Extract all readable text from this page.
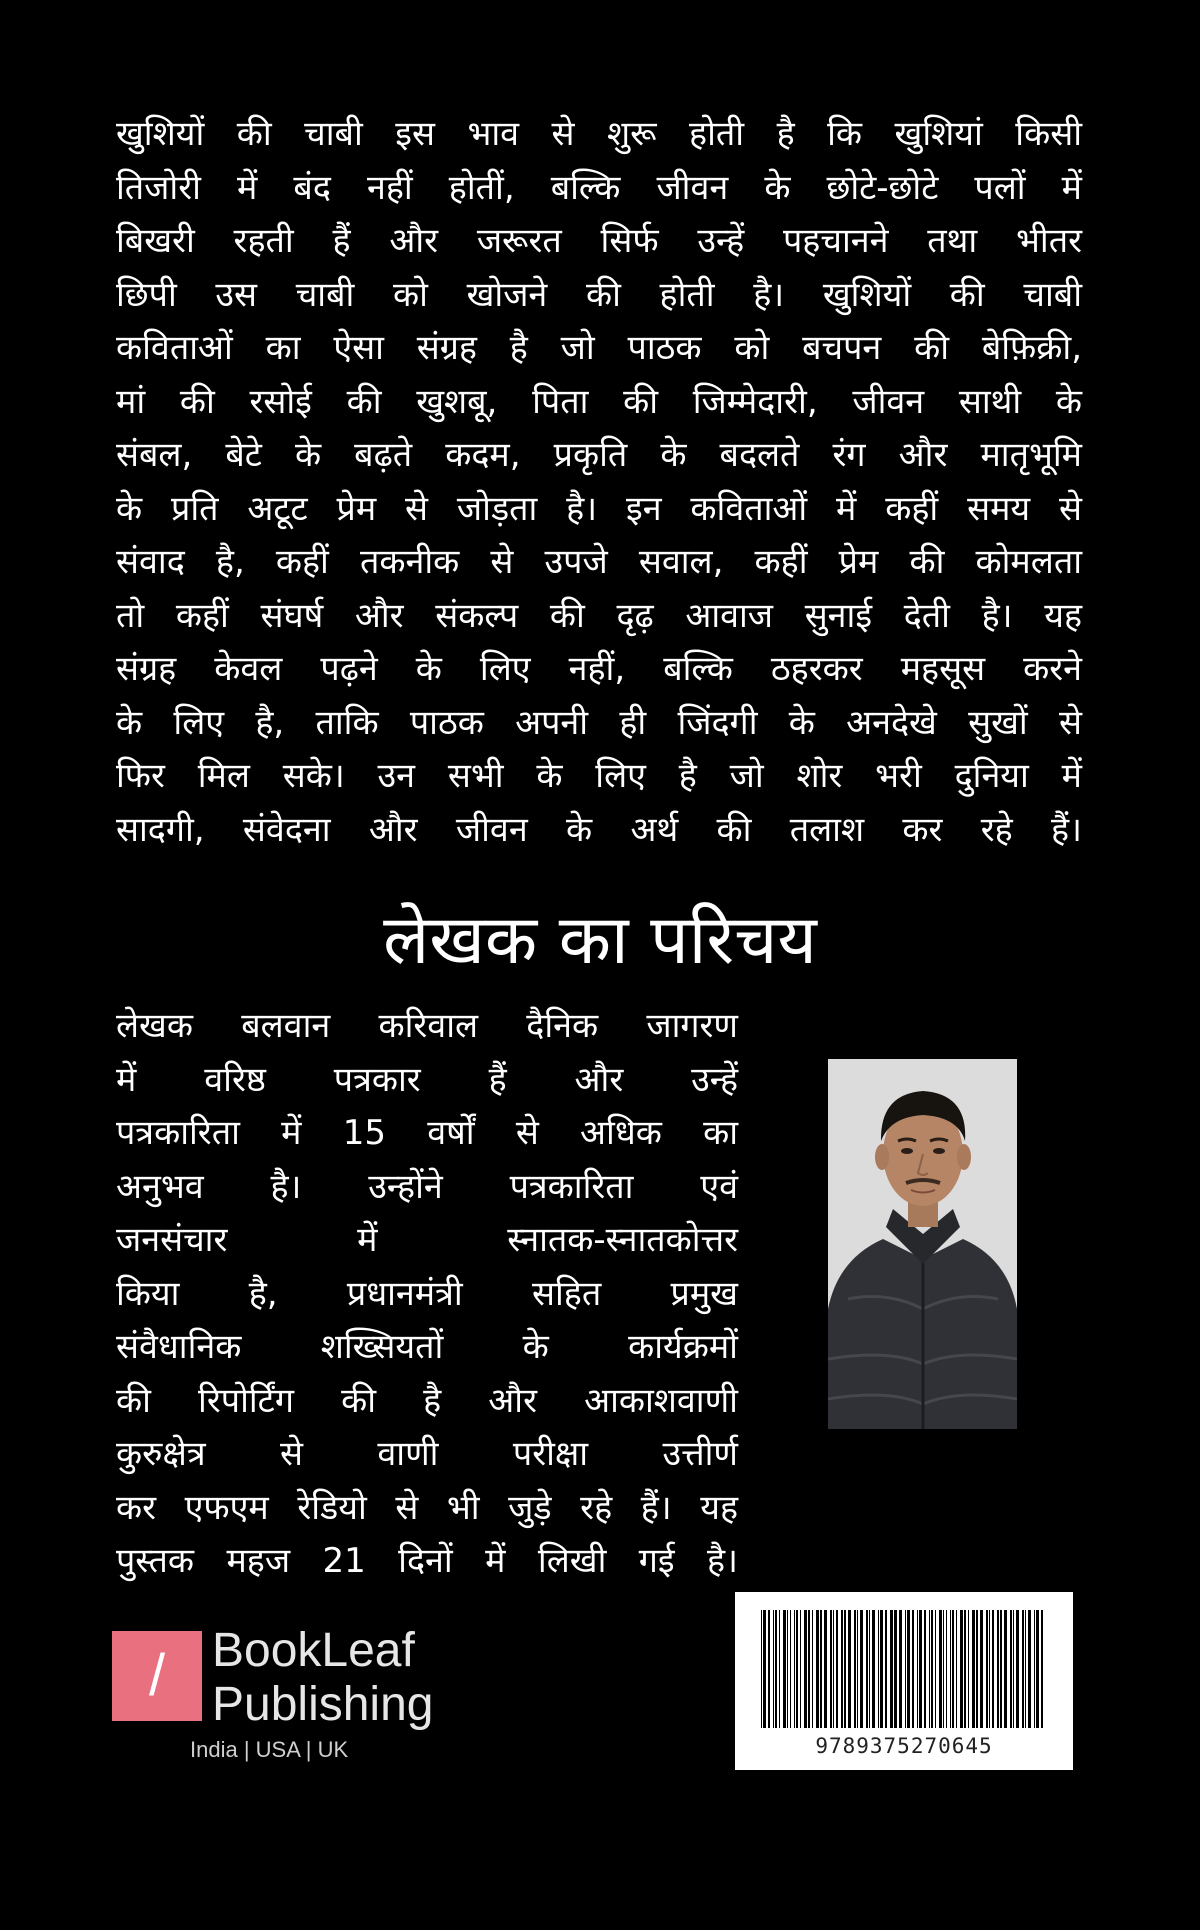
खुशियों की चाबी इस भाव से शुरू होती है कि खुशियां किसी
तिजोरी में बंद नहीं होतीं, बल्कि जीवन के छोटे-छोटे पलों में
बिखरी रहती हैं और जरूरत सिर्फ उन्हें पहचानने तथा भीतर
छिपी उस चाबी को खोजने की होती है। खुशियों की चाबी
कविताओं का ऐसा संग्रह है जो पाठक को बचपन की बेफ़िक्री,
मां की रसोई की खुशबू, पिता की जिम्मेदारी, जीवन साथी के
संबल, बेटे के बढ़ते कदम, प्रकृति के बदलते रंग और मातृभूमि
के प्रति अटूट प्रेम से जोड़ता है। इन कविताओं में कहीं समय से
संवाद है, कहीं तकनीक से उपजे सवाल, कहीं प्रेम की कोमलता
तो कहीं संघर्ष और संकल्प की दृढ़ आवाज सुनाई देती है। यह
संग्रह केवल पढ़ने के लिए नहीं, बल्कि ठहरकर महसूस करने
के लिए है, ताकि पाठक अपनी ही जिंदगी के अनदेखे सुखों से
फिर मिल सके। उन सभी के लिए है जो शोर भरी दुनिया में
सादगी, संवेदना और जीवन के अर्थ की तलाश कर रहे हैं।
लेखक का परिचय
लेखक बलवान करिवाल दैनिक जागरण
में वरिष्ठ पत्रकार हैं और उन्हें
पत्रकारिता में 15 वर्षों से अधिक का
अनुभव है। उन्होंने पत्रकारिता एवं
जनसंचार में स्नातक-स्नातकोत्तर
किया है, प्रधानमंत्री सहित प्रमुख
संवैधानिक शख्सियतों के कार्यक्रमों
की रिपोर्टिंग की है और आकाशवाणी
कुरुक्षेत्र से वाणी परीक्षा उत्तीर्ण
कर एफएम रेडियो से भी जुड़े रहे हैं। यह
पुस्तक महज 21 दिनों में लिखी गई है।
/ BookLeaf
Publishing
India | USA | UK	9789375270645
